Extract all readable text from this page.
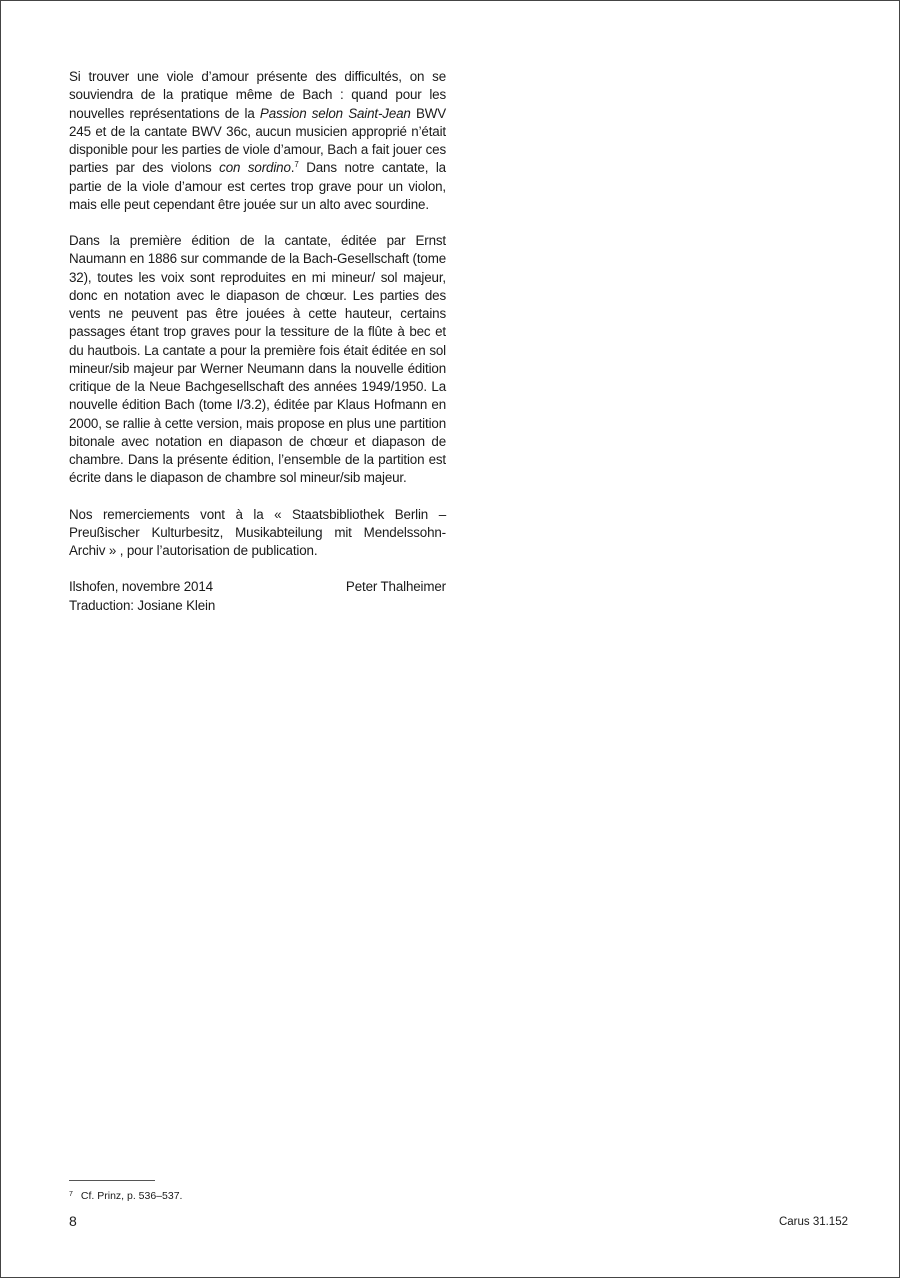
Si trouver une viole d’amour présente des difficultés, on se souviendra de la pratique même de Bach : quand pour les nouvelles représentations de la Passion selon Saint-Jean BWV 245 et de la cantate BWV 36c, aucun musicien approprié n’était disponible pour les parties de viole d’amour, Bach a fait jouer ces parties par des violons con sordino.$^7$ Dans notre cantate, la partie de la viole d’amour est certes trop grave pour un violon, mais elle peut cependant être jouée sur un alto avec sourdine.

Dans la première édition de la cantate, éditée par Ernst Naumann en 1886 sur commande de la Bach-Gesellschaft (tome 32), toutes les voix sont reproduites en mi mineur/ sol majeur, donc en notation avec le diapason de chœur. Les parties des vents ne peuvent pas être jouées à cette hauteur, certains passages étant trop graves pour la tessiture de la flûte à bec et du hautbois. La cantate a pour la première fois était éditée en sol mineur/sib majeur par Werner Neumann dans la nouvelle édition critique de la Neue Bachgesellschaft des années 1949/1950. La nouvelle édition Bach (tome I/3.2), éditée par Klaus Hofmann en 2000, se rallie à cette version, mais propose en plus une partition bitonale avec notation en diapason de chœur et diapason de chambre. Dans la présente édition, l’ensemble de la partition est écrite dans le diapason de chambre sol mineur/sib majeur.

Nos remerciements vont à la « Staatsbibliothek Berlin – Preußischer Kulturbesitz, Musikabteilung mit Mendelssohn-Archiv » , pour l’autorisation de publication.

Ilshofen, novembre 2014	Peter Thalheimer
Traduction: Josiane Klein
$^7$ Cf. Prinz, p. 536–537.
8	Carus 31.152
